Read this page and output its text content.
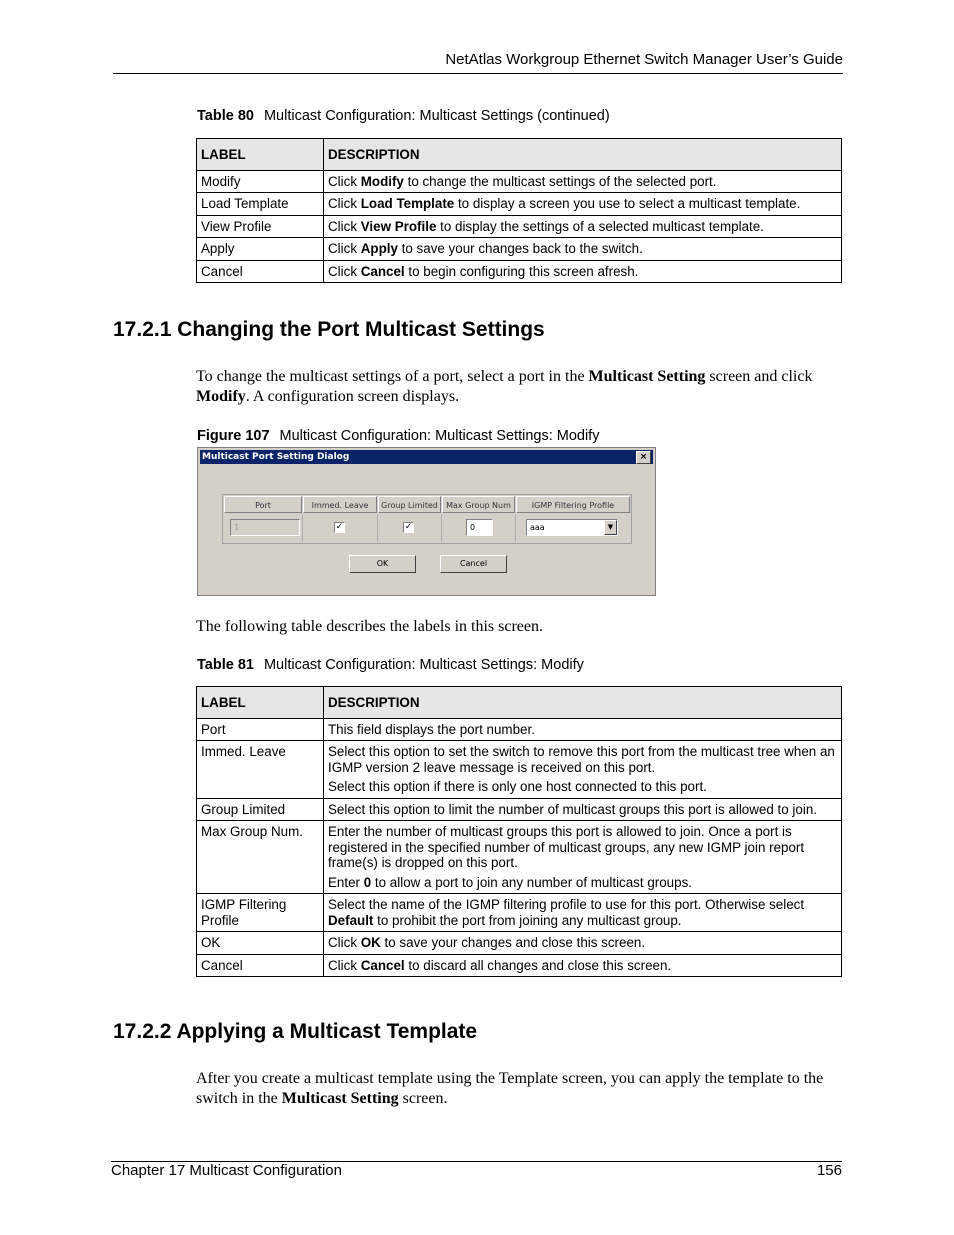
NetAtlas Workgroup Ethernet Switch Manager User’s Guide
Table 80 Multicast Configuration: Multicast Settings (continued)
LABEL	DESCRIPTION
Modify	Click Modify to change the multicast settings of the selected port.
Load Template	Click Load Template to display a screen you use to select a multicast template.
View Profile	Click View Profile to display the settings of a selected multicast template.
Apply	Click Apply to save your changes back to the switch.
Cancel	Click Cancel to begin configuring this screen afresh.
17.2.1 Changing the Port Multicast Settings
To change the multicast settings of a port, select a port in the Multicast Setting screen and click Modify. A configuration screen displays.
Figure 107 Multicast Configuration: Multicast Settings: Modify
Multicast Port Setting Dialog	×
Port	Immed. Leave	Group Limited	Max Group Num	IGMP Filtering Profile
1	✓	✓	0	aaa	▼
OK	Cancel
The following table describes the labels in this screen.
Table 81 Multicast Configuration: Multicast Settings: Modify
LABEL	DESCRIPTION
Port	This field displays the port number.
Immed. Leave	Select this option to set the switch to remove this port from the multicast tree when an IGMP version 2 leave message is received on this port.

Select this option if there is only one host connected to this port.

Group Limited	Select this option to limit the number of multicast groups this port is allowed to join.
Max Group Num.	Enter the number of multicast groups this port is allowed to join. Once a port is registered in the specified number of multicast groups, any new IGMP join report frame(s) is dropped on this port.

Enter 0 to allow a port to join any number of multicast groups.

IGMP Filtering Profile	Select the name of the IGMP filtering profile to use for this port. Otherwise select Default to prohibit the port from joining any multicast group.
OK	Click OK to save your changes and close this screen.
Cancel	Click Cancel to discard all changes and close this screen.
17.2.2 Applying a Multicast Template
After you create a multicast template using the Template screen, you can apply the template to the switch in the Multicast Setting screen.
Chapter 17 Multicast Configuration	156
